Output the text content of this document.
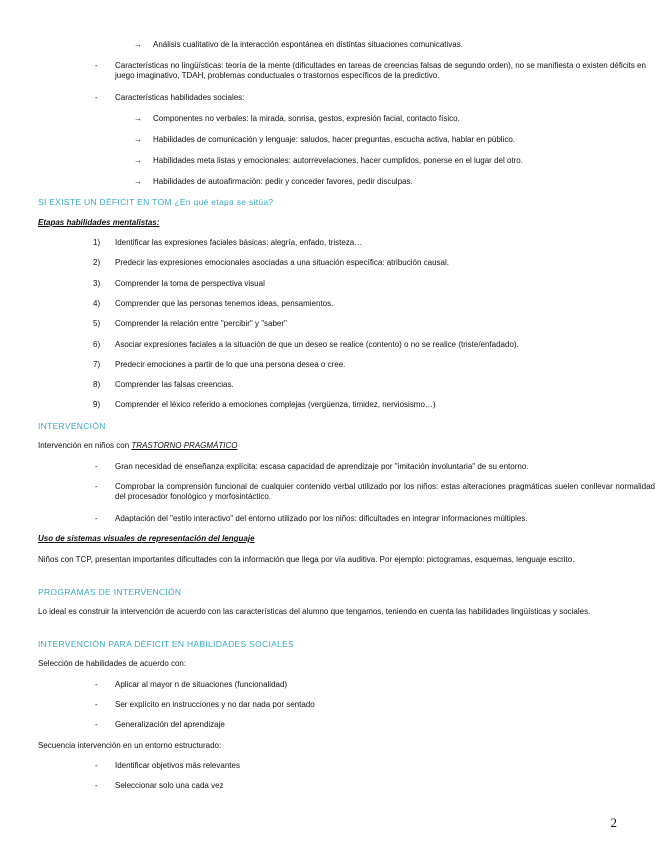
→ Análisis cualitativo de la interacción espontánea en distintas situaciones comunicativas.
- Características no lingüísticas: teoría de la mente (dificultades en tareas de creencias falsas de segundo orden), no se manifiesta o existen déficits en juego imaginativo, TDAH, problemas conductuales o trastornos específicos de la predictivo.
- Características habilidades sociales:
→ Componentes no verbales: la mirada, sonrisa, gestos, expresión facial, contacto físico.
→ Habilidades de comunicación y lenguaje: saludos, hacer preguntas, escucha activa, hablar en público.
→ Habilidades meta listas y emocionales: autorrevelaciones, hacer cumplidos, ponerse en el lugar del otro.
→ Habilidades de autoafirmación: pedir y conceder favores, pedir disculpas.
SI EXISTE UN DÉFICIT EN TOM ¿En qué etapa se sitúa?
Etapas habilidades mentalistas:
1) Identificar las expresiones faciales básicas: alegría, enfado, tristeza…
2) Predecir las expresiones emocionales asociadas a una situación específica: atribución causal.
3) Comprender la toma de perspectiva visual
4) Comprender que las personas tenemos ideas, pensamientos.
5) Comprender la relación entre "percibir" y "saber"
6) Asociar expresiones faciales a la situación de que un deseo se realice (contento) o no se realice (triste/enfadado).
7) Predecir emociones a partir de lo que una persona desea o cree.
8) Comprender las falsas creencias.
9) Comprender el léxico referido a emociones complejas (vergüenza, timidez, nerviosismo…)
INTERVENCIÓN
Intervención en niños con TRASTORNO PRAGMÁTICO
- Gran necesidad de enseñanza explícita: escasa capacidad de aprendizaje por "imitación involuntaria" de su entorno.
- Comprobar la comprensión funcional de cualquier contenido verbal utilizado por los niños: estas alteraciones pragmáticas suelen conllevar normalidad del procesador fonológico y morfosintáctico.
- Adaptación del "estilo interactivo" del entorno utilizado por los niños: dificultades en integrar informaciones múltiples.
Uso de sistemas visuales de representación del lenguaje
Niños con TCP, presentan importantes dificultades con la información que llega por vía auditiva. Por ejemplo: pictogramas, esquemas, lenguaje escrito.
PROGRAMAS DE INTERVENCIÓN
Lo ideal es construir la intervención de acuerdo con las características del alumno que tengamos, teniendo en cuenta las habilidades lingüísticas y sociales.
INTERVENCIÓN PARA DÉFICIT EN HABILIDADES SOCIALES
Selección de habilidades de acuerdo con:
- Aplicar al mayor n de situaciones (funcionalidad)
- Ser explícito en instrucciones y no dar nada por sentado
- Generalización del aprendizaje
Secuencia intervención en un entorno estructurado:
- Identificar objetivos más relevantes
- Seleccionar solo una cada vez
2
